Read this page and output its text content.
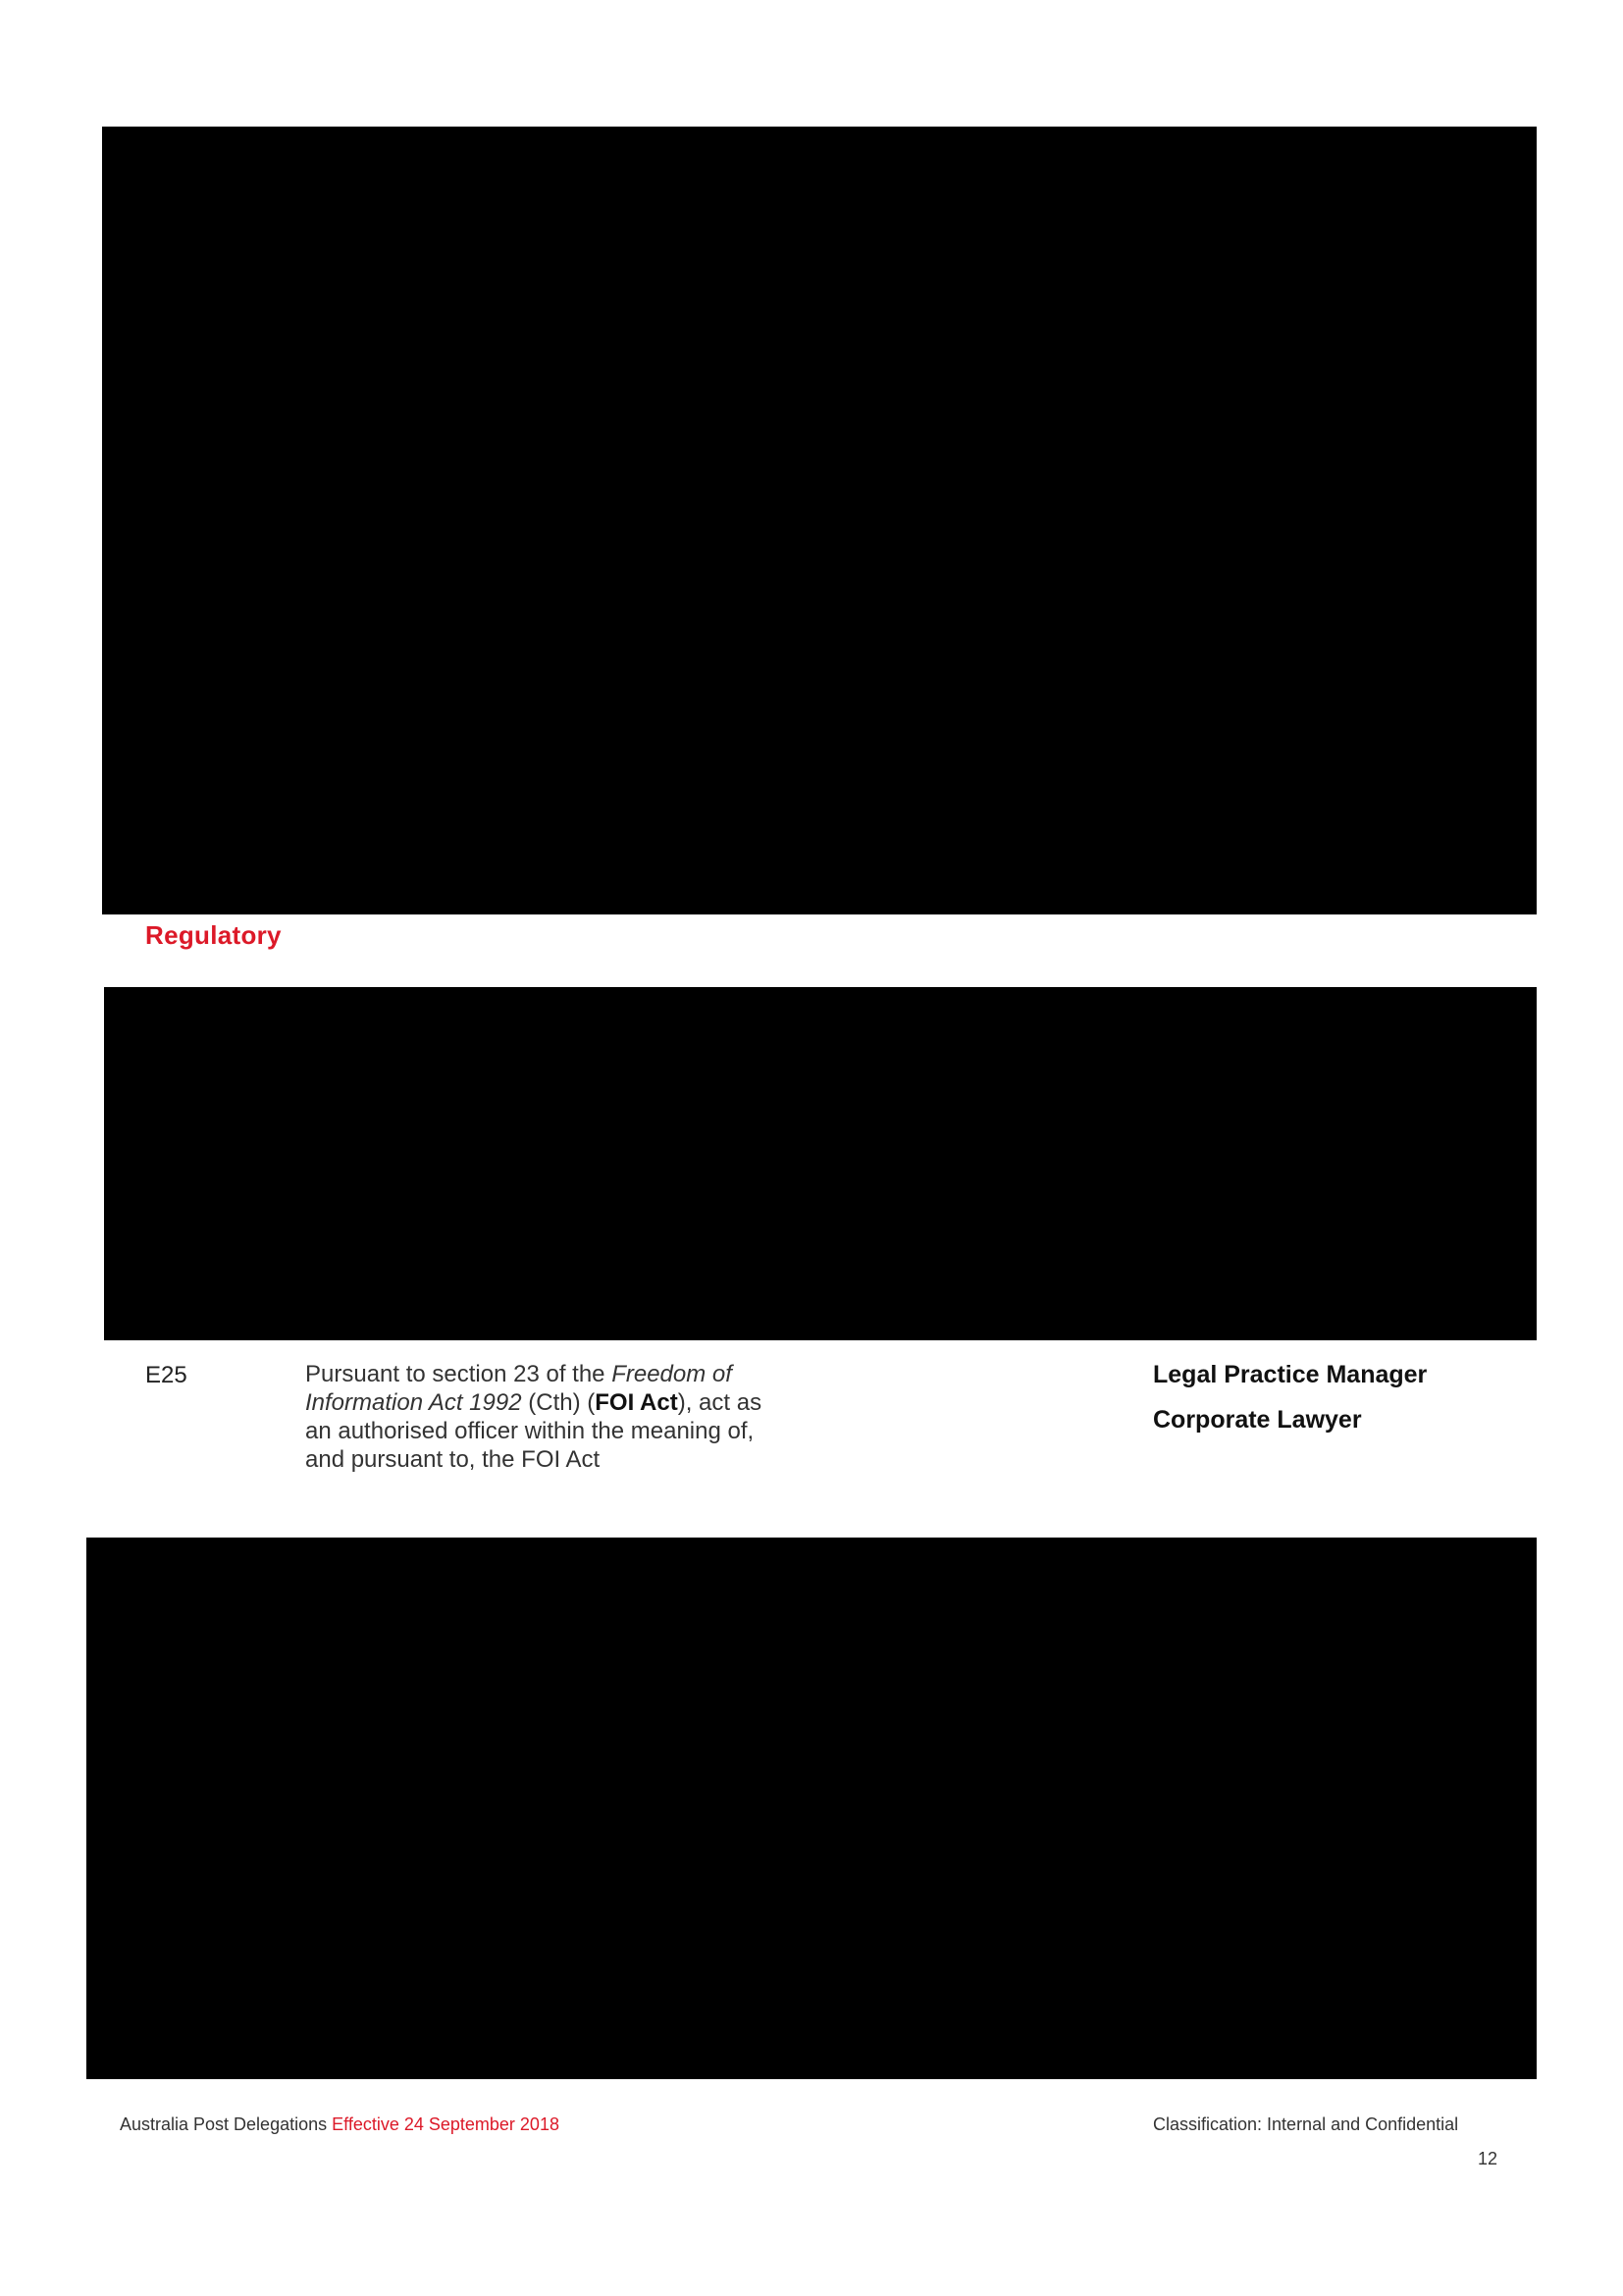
Regulatory
E25	Pursuant to section 23 of the Freedom of Information Act 1992 (Cth) (FOI Act), act as an authorised officer within the meaning of, and pursuant to, the FOI Act
Legal Practice Manager
Corporate Lawyer
Australia Post Delegations Effective 24 September 2018	Classification: Internal and Confidential
12
